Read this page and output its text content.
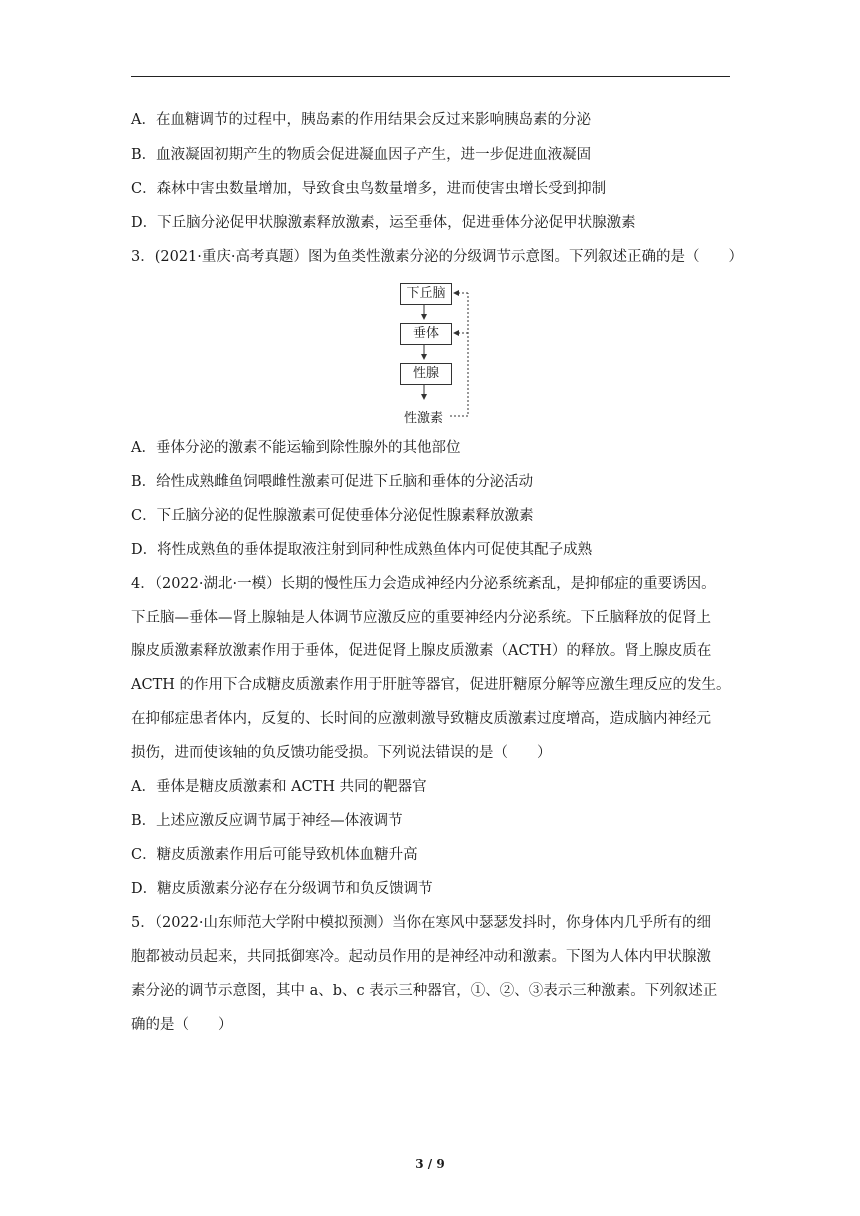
A．在血糖调节的过程中，胰岛素的作用结果会反过来影响胰岛素的分泌
B．血液凝固初期产生的物质会促进凝血因子产生，进一步促进血液凝固
C．森林中害虫数量增加，导致食虫鸟数量增多，进而使害虫增长受到抑制
D．下丘脑分泌促甲状腺激素释放激素，运至垂体，促进垂体分泌促甲状腺激素
3．(2021·重庆·高考真题）图为鱼类性激素分泌的分级调节示意图。下列叙述正确的是（　　）
下丘脑
垂体
性腺
性激素
A．垂体分泌的激素不能运输到除性腺外的其他部位
B．给性成熟雌鱼饲喂雌性激素可促进下丘脑和垂体的分泌活动
C．下丘脑分泌的促性腺激素可促使垂体分泌促性腺素释放激素
D．将性成熟鱼的垂体提取液注射到同种性成熟鱼体内可促使其配子成熟
4．（2022·湖北·一模）长期的慢性压力会造成神经内分泌系统紊乱，是抑郁症的重要诱因。
下丘脑—垂体—肾上腺轴是人体调节应激反应的重要神经内分泌系统。下丘脑释放的促肾上
腺皮质激素释放激素作用于垂体，促进促肾上腺皮质激素（ACTH）的释放。肾上腺皮质在
ACTH 的作用下合成糖皮质激素作用于肝脏等器官，促进肝糖原分解等应激生理反应的发生。
在抑郁症患者体内，反复的、长时间的应激刺激导致糖皮质激素过度增高，造成脑内神经元
损伤，进而使该轴的负反馈功能受损。下列说法错误的是（　　）
A．垂体是糖皮质激素和 ACTH 共同的靶器官
B．上述应激反应调节属于神经—体液调节
C．糖皮质激素作用后可能导致机体血糖升高
D．糖皮质激素分泌存在分级调节和负反馈调节
5．（2022·山东师范大学附中模拟预测）当你在寒风中瑟瑟发抖时，你身体内几乎所有的细
胞都被动员起来，共同抵御寒冷。起动员作用的是神经冲动和激素。下图为人体内甲状腺激
素分泌的调节示意图，其中 a、b、c 表示三种器官，①、②、③表示三种激素。下列叙述正
确的是（　　）
3 / 9
